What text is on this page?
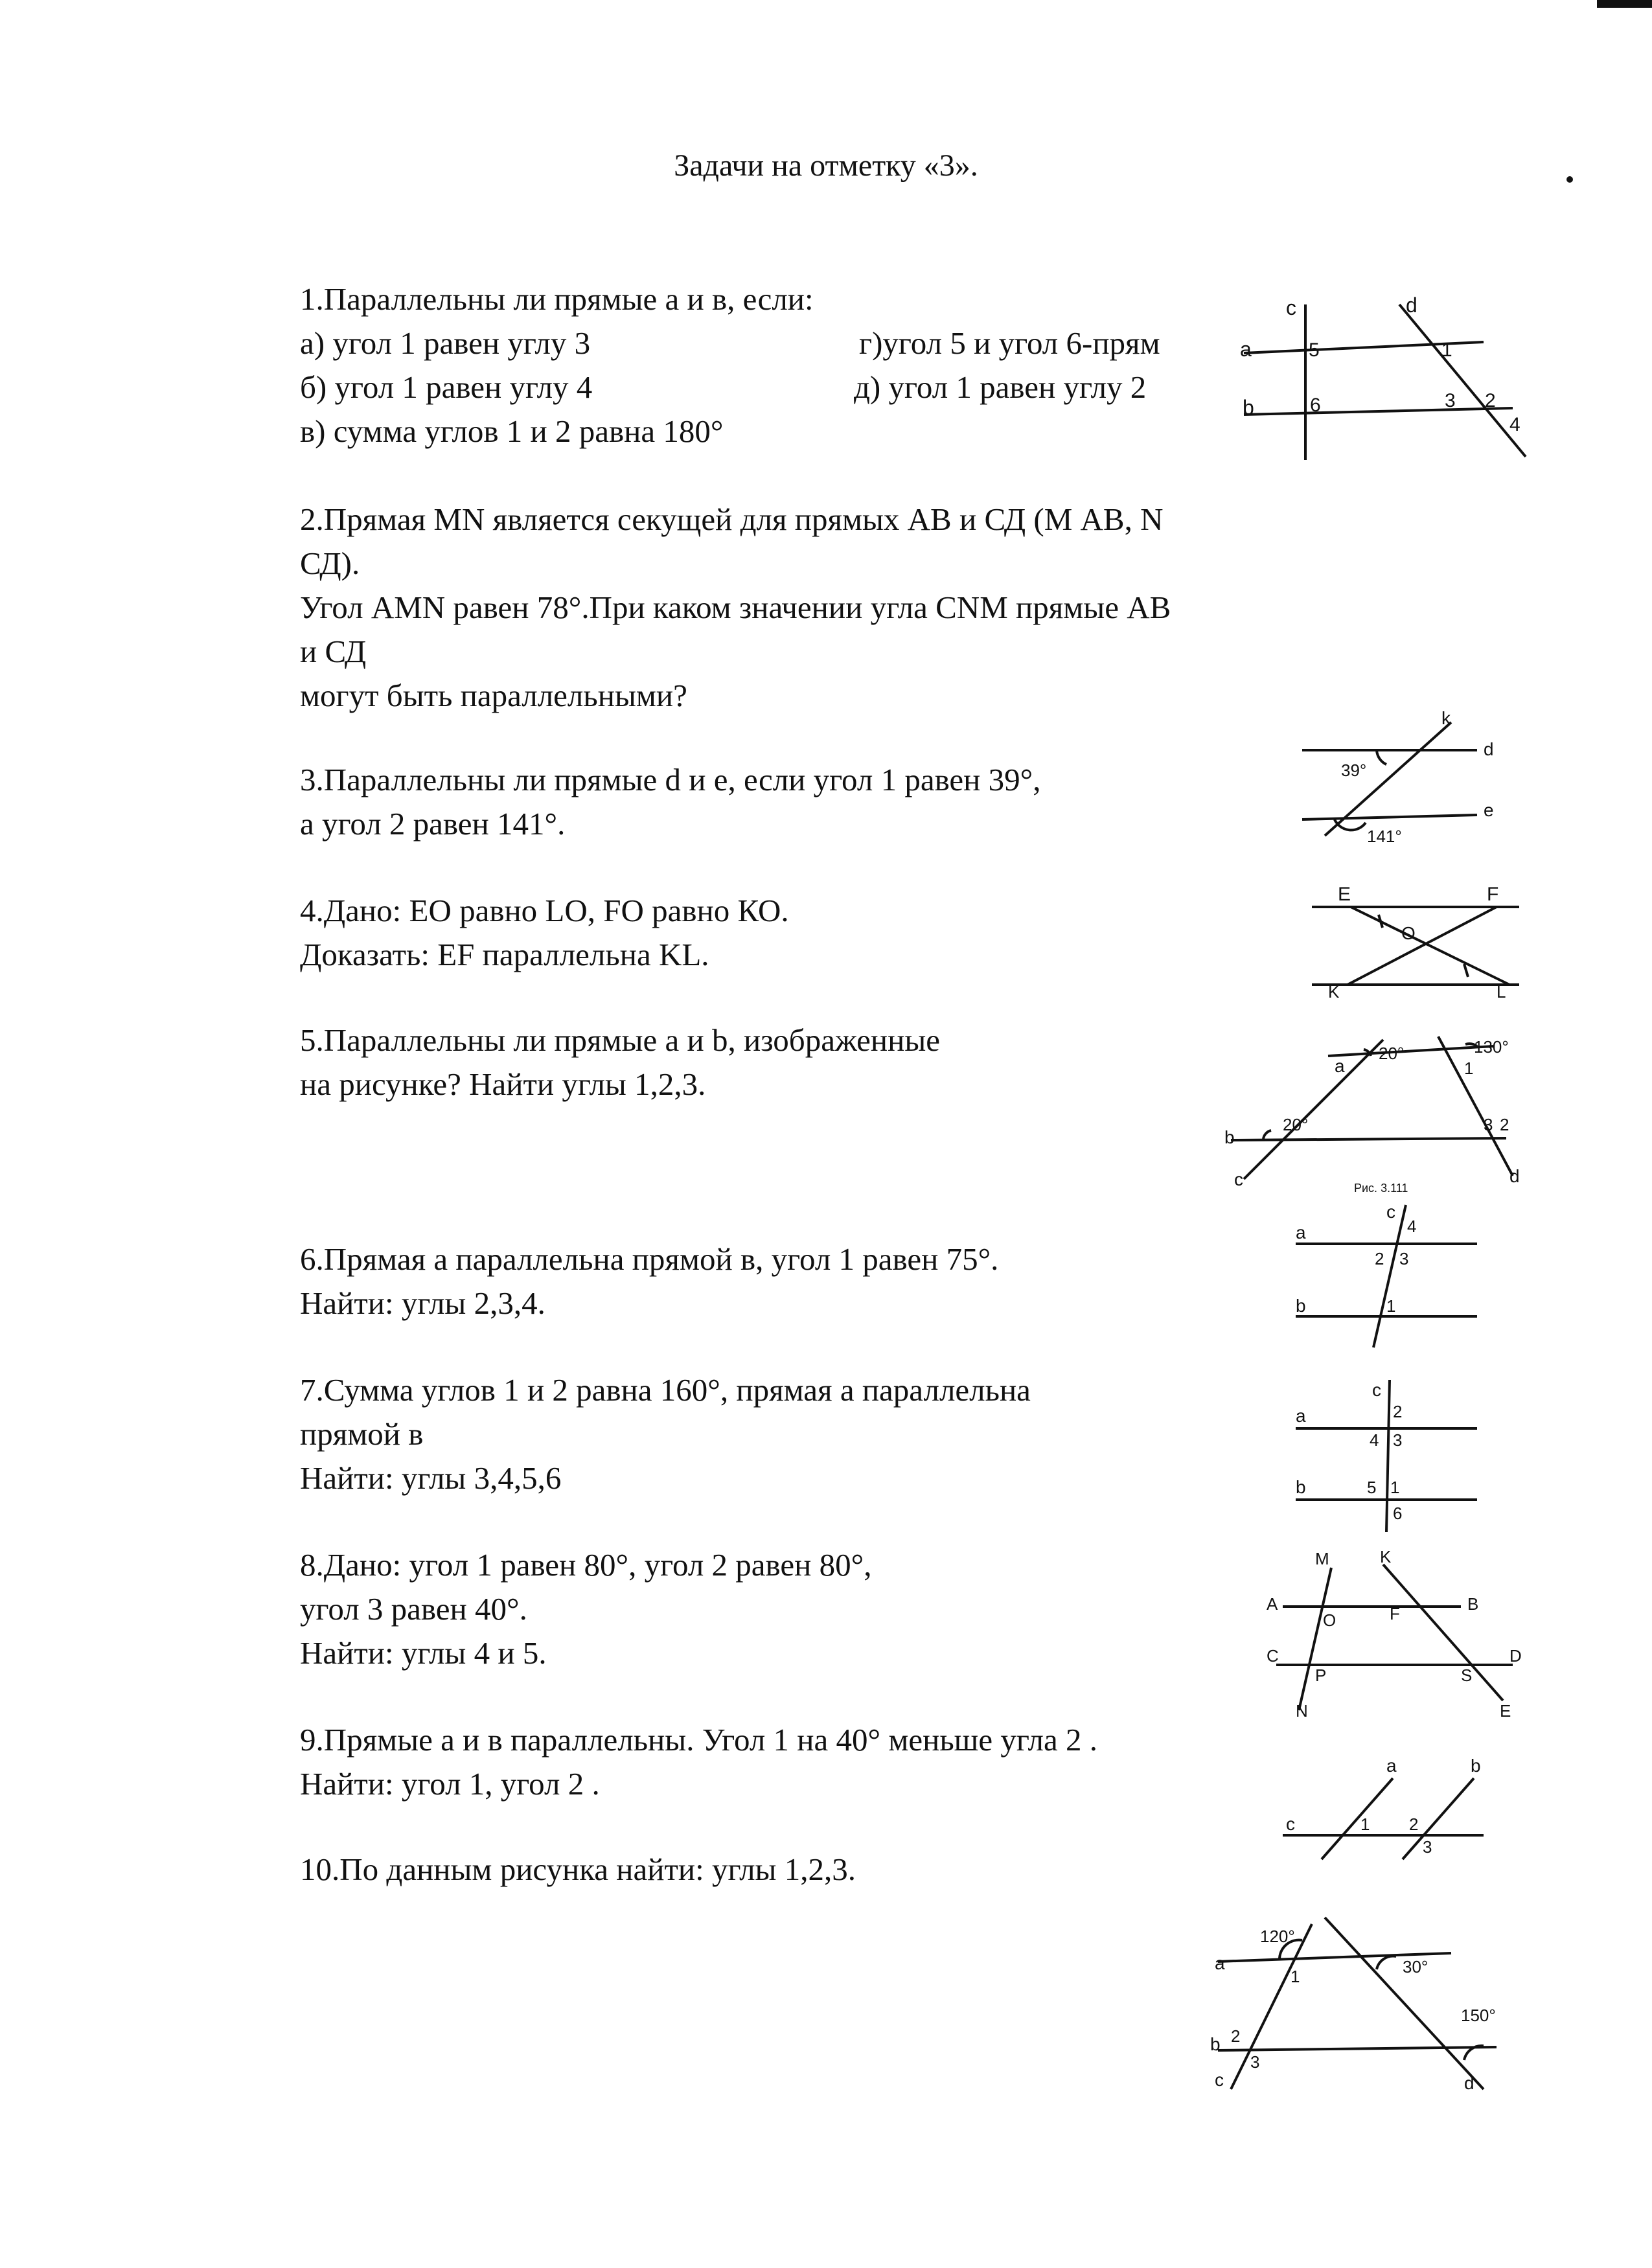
Задачи на отметку «3».
1.Параллельны ли прямые а и в, если:
а) угол 1 равен углу 3	г)угол 5 и угол 6-прям
б) угол 1 равен углу 4	д) угол 1 равен углу 2
в) сумма углов 1 и 2 равна 180°
2.Прямая MN является секущей для прямых АВ и СД (М АВ, N
СД).
Угол АМN равен 78°.При каком значении угла CNM прямые АВ
и СД
могут быть параллельными?
3.Параллельны ли прямые d и е, если угол 1 равен 39°,
а угол 2 равен 141°.
4.Дано: ЕО равно LO, FO равно КО.
Доказать: EF параллельна KL.
5.Параллельны ли прямые а и b, изображенные
на рисунке? Найти углы 1,2,3.
6.Прямая а параллельна прямой в, угол 1 равен 75°.
Найти: углы 2,3,4.
7.Сумма углов 1 и 2 равна 160°, прямая а параллельна
прямой в
Найти: углы 3,4,5,6
8.Дано: угол 1 равен 80°, угол 2 равен 80°,
угол 3 равен 40°.
Найти: углы 4 и 5.
9.Прямые а и в параллельны. Угол 1 на 40° меньше угла 2 .
Найти: угол 1, угол 2 .
10.По данным рисунка найти: углы 1,2,3.
c	d
a	5	1
b	6	3 2
4
k
d
39°
e
141°
E	F
O
K	L
a
20°	130°
1
b
20°	3 2
c	d
Рис. 3.111
c
4
a
2 3
b	1
c
2
a
4 3
b	5 1
6
M	K
A	B
O	F
C	D
P	S
N	E
a	b
c	1 2
3
120°
a
1	30°
150°
b 2
3
c	d
